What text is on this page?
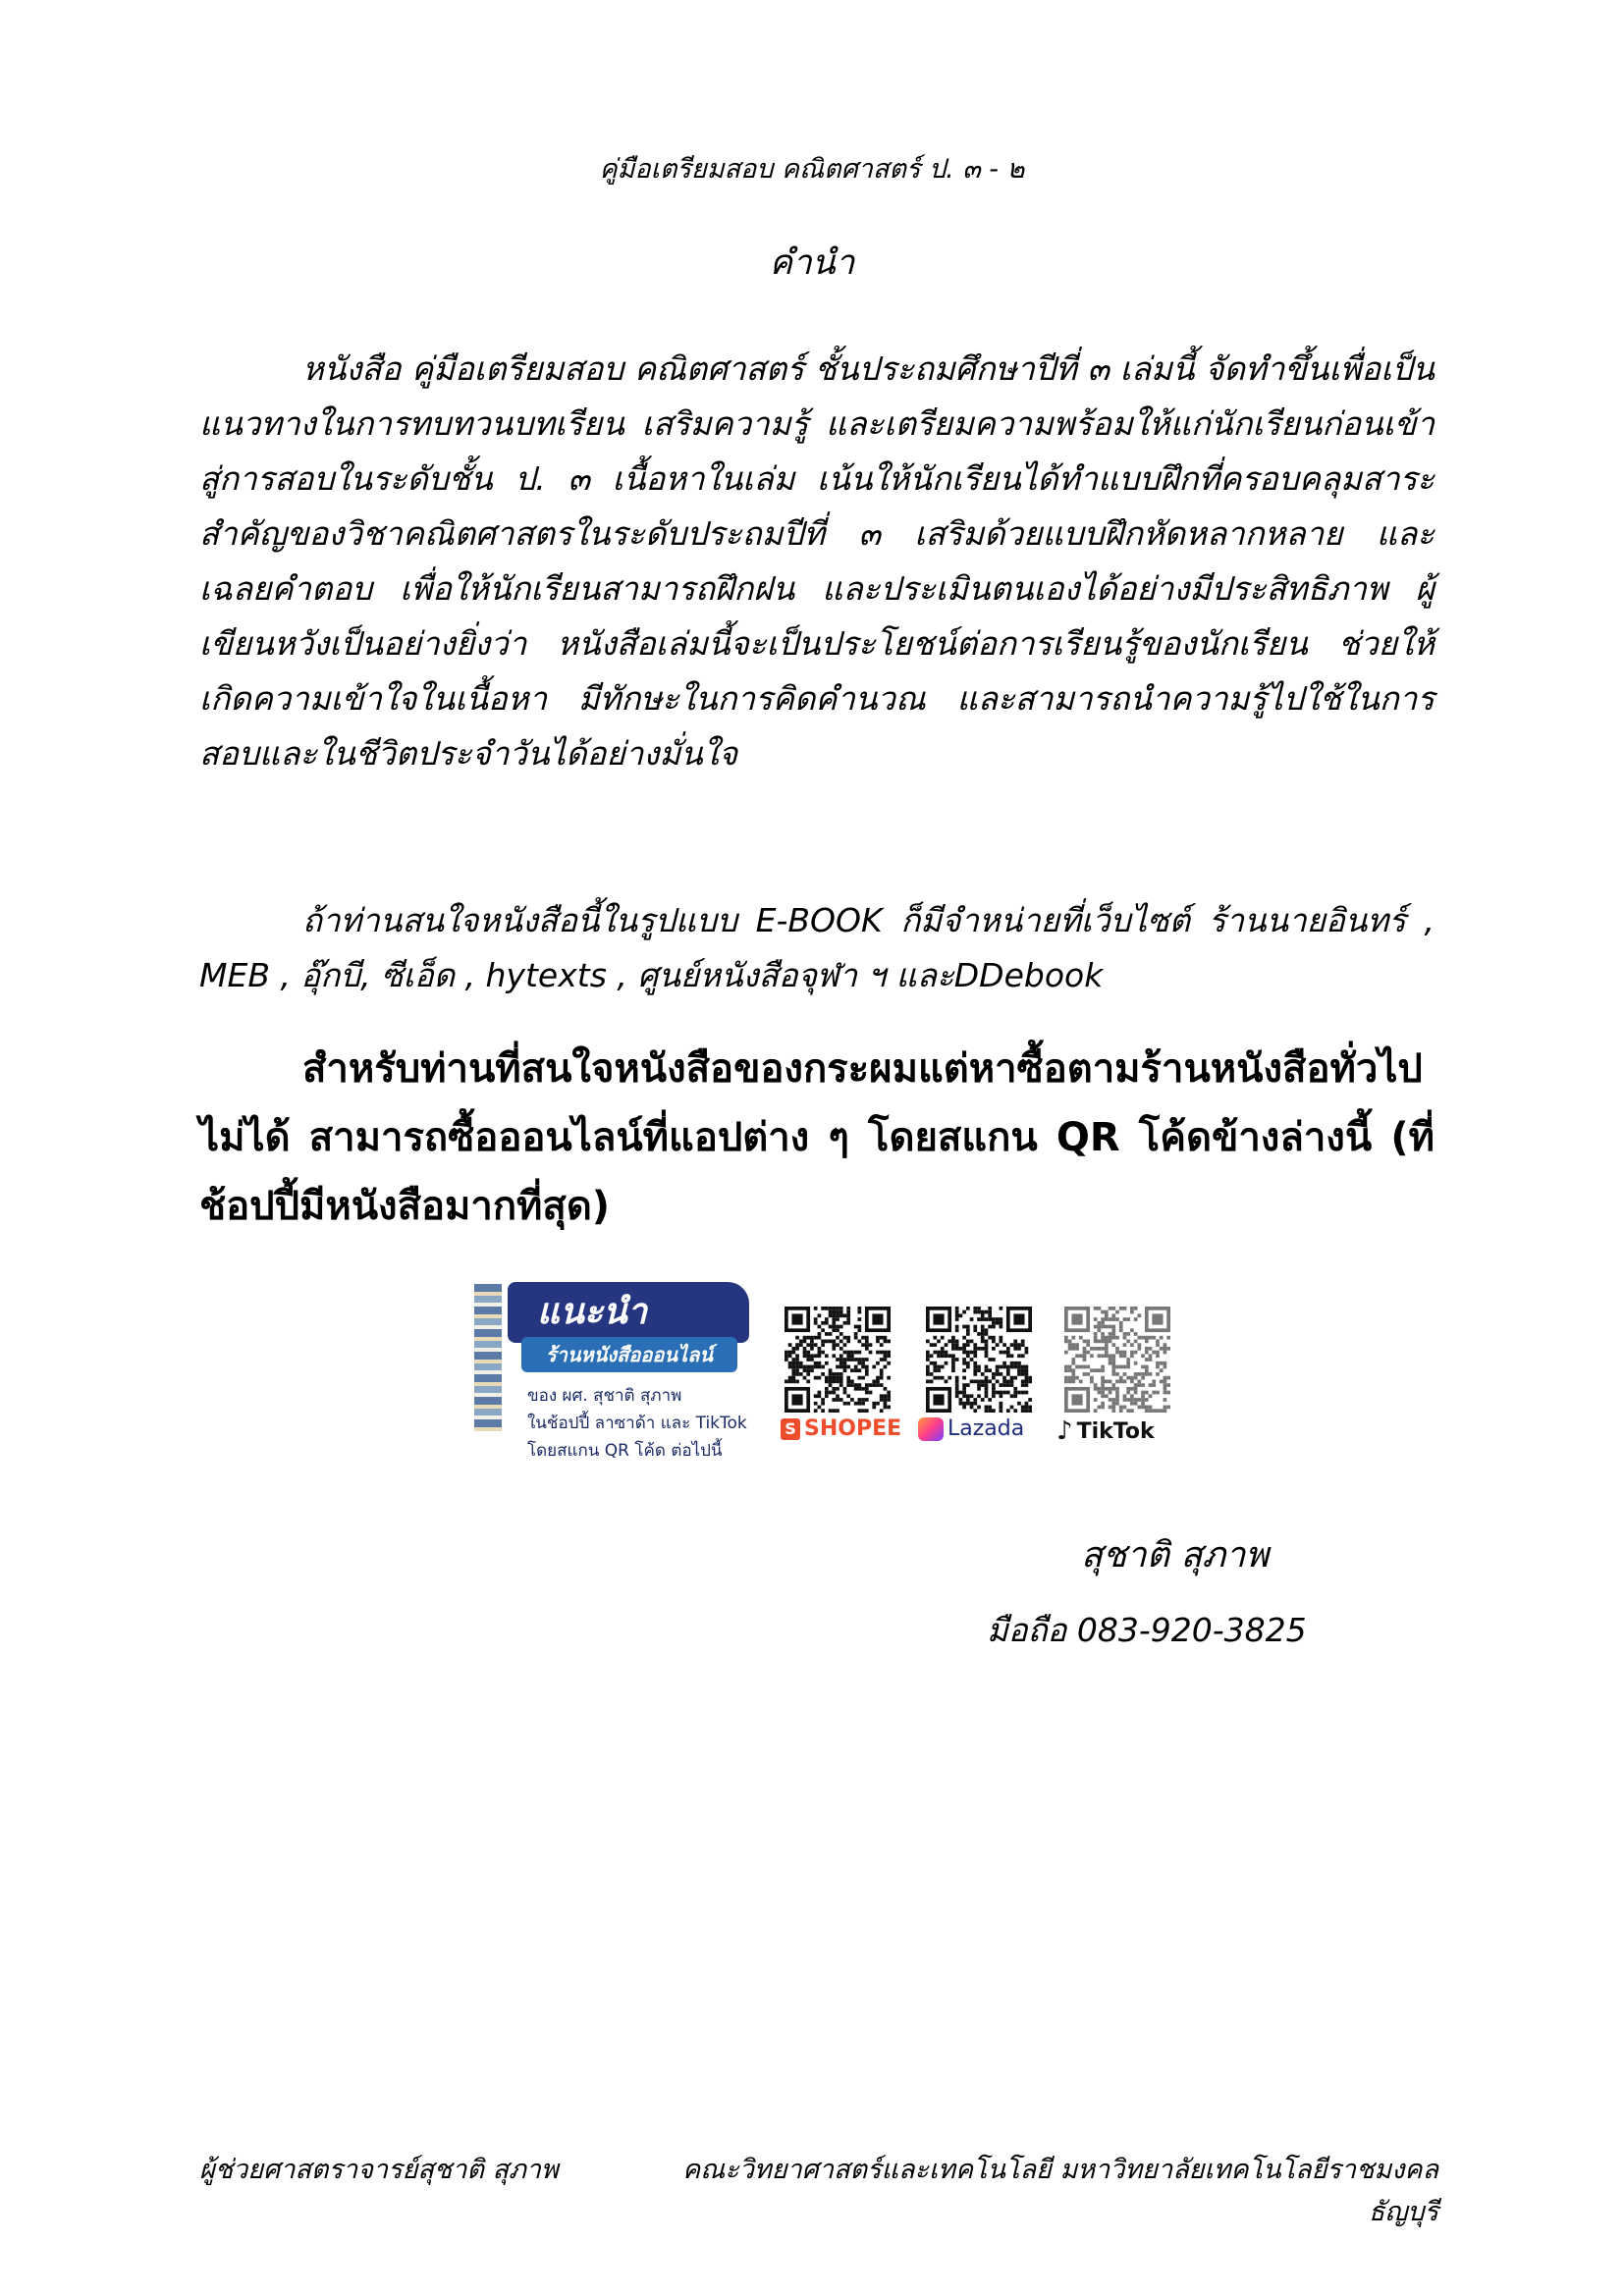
คู่มือเตรียมสอบ คณิตศาสตร์ ป. ๓ - ๒
คำนำ
หนังสือ คู่มือเตรียมสอบ คณิตศาสตร์ ชั้นประถมศึกษาปีที่ ๓ เล่มนี้ จัดทำขึ้นเพื่อเป็นแนวทางในการทบทวนบทเรียน เสริมความรู้ และเตรียมความพร้อมให้แก่นักเรียนก่อนเข้าสู่การสอบในระดับชั้น ป. ๓ เนื้อหาในเล่ม เน้นให้นักเรียนได้ทำแบบฝึกที่ครอบคลุมสาระสำคัญของวิชาคณิตศาสตรในระดับประถมปีที่ ๓ เสริมด้วยแบบฝึกหัดหลากหลาย และเฉลยคำตอบ เพื่อให้นักเรียนสามารถฝึกฝน และประเมินตนเองได้อย่างมีประสิทธิภาพ ผู้เขียนหวังเป็นอย่างยิ่งว่า หนังสือเล่มนี้จะเป็นประโยชน์ต่อการเรียนรู้ของนักเรียน ช่วยให้เกิดความเข้าใจในเนื้อหา มีทักษะในการคิดคำนวณ และสามารถนำความรู้ไปใช้ในการสอบและในชีวิตประจำวันได้อย่างมั่นใจ
ถ้าท่านสนใจหนังสือนี้ในรูปแบบ E-BOOK ก็มีจำหน่ายที่เว็บไซต์ ร้านนายอินทร์ , MEB , อุ๊กบี, ซีเอ็ด , hytexts , ศูนย์หนังสือจุฬา ฯ และDDebook
สำหรับท่านที่สนใจหนังสือของกระผมแต่หาซื้อตามร้านหนังสือทั่วไปไม่ได้ สามารถซื้อออนไลน์ที่แอปต่าง ๆ โดยสแกน QR โค้ดข้างล่างนี้ (ที่ช้อปปี้มีหนังสือมากที่สุด)
แนะนำ
ร้านหนังสือออนไลน์
ของ ผศ. สุชาติ สุภาพ
ในช้อปปี้ ลาซาด้า และ TikTok
โดยสแกน QR โค้ด ต่อไปนี้
S SHOPEE Lazada ♪ TikTok
สุชาติ สุภาพ
มือถือ 083-920-3825
ผู้ช่วยศาสตราจารย์สุชาติ สุภาพ	คณะวิทยาศาสตร์และเทคโนโลยี มหาวิทยาลัยเทคโนโลยีราชมงคลธัญบุรี
